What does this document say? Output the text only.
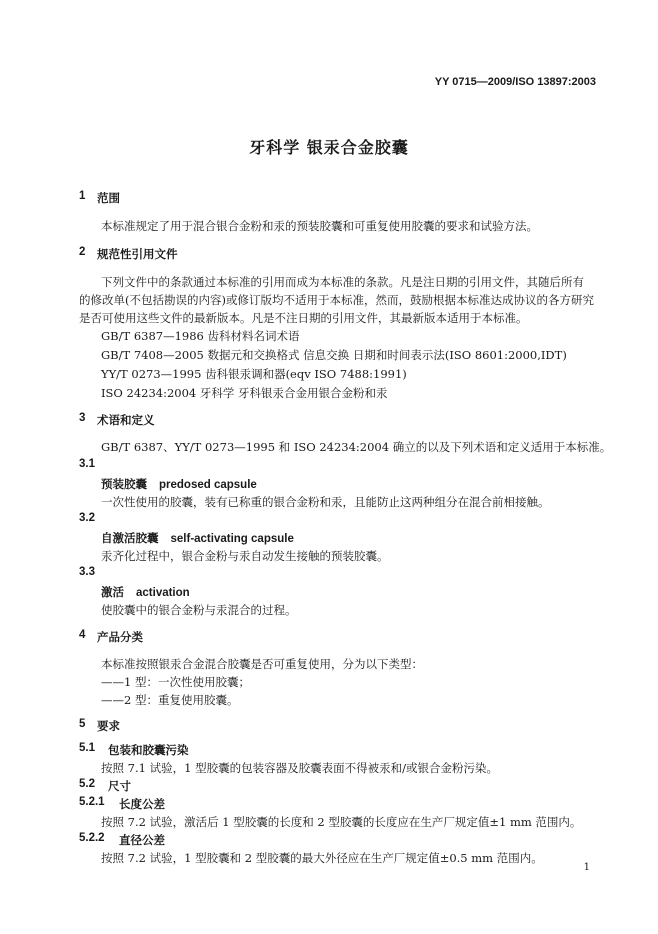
YY 0715—2009/ISO 13897:2003
牙科学 银汞合金胶囊
1 范围
本标准规定了用于混合银合金粉和汞的预装胶囊和可重复使用胶囊的要求和试验方法。
2 规范性引用文件
下列文件中的条款通过本标准的引用而成为本标准的条款。凡是注日期的引用文件，其随后所有
的修改单(不包括勘误的内容)或修订版均不适用于本标准，然而，鼓励根据本标准达成协议的各方研究
是否可使用这些文件的最新版本。凡是不注日期的引用文件，其最新版本适用于本标准。
GB/T 6387—1986 齿科材料名词术语
GB/T 7408—2005 数据元和交换格式 信息交换 日期和时间表示法(ISO 8601:2000,IDT)
YY/T 0273—1995 齿科银汞调和器(eqv ISO 7488:1991)
ISO 24234:2004 牙科学 牙科银汞合金用银合金粉和汞
3 术语和定义
GB/T 6387、YY/T 0273—1995 和 ISO 24234:2004 确立的以及下列术语和定义适用于本标准。
3.1
预装胶囊 predosed capsule
一次性使用的胶囊，装有已称重的银合金粉和汞，且能防止这两种组分在混合前相接触。
3.2
自激活胶囊 self-activating capsule
汞齐化过程中，银合金粉与汞自动发生接触的预装胶囊。
3.3
激活 activation
使胶囊中的银合金粉与汞混合的过程。
4 产品分类
本标准按照银汞合金混合胶囊是否可重复使用，分为以下类型：
——1 型：一次性使用胶囊；
——2 型：重复使用胶囊。
5 要求
5.1 包装和胶囊污染
按照 7.1 试验，1 型胶囊的包装容器及胶囊表面不得被汞和/或银合金粉污染。
5.2 尺寸
5.2.1 长度公差
按照 7.2 试验，激活后 1 型胶囊的长度和 2 型胶囊的长度应在生产厂规定值±1 mm 范围内。
5.2.2 直径公差
按照 7.2 试验，1 型胶囊和 2 型胶囊的最大外径应在生产厂规定值±0.5 mm 范围内。
1
